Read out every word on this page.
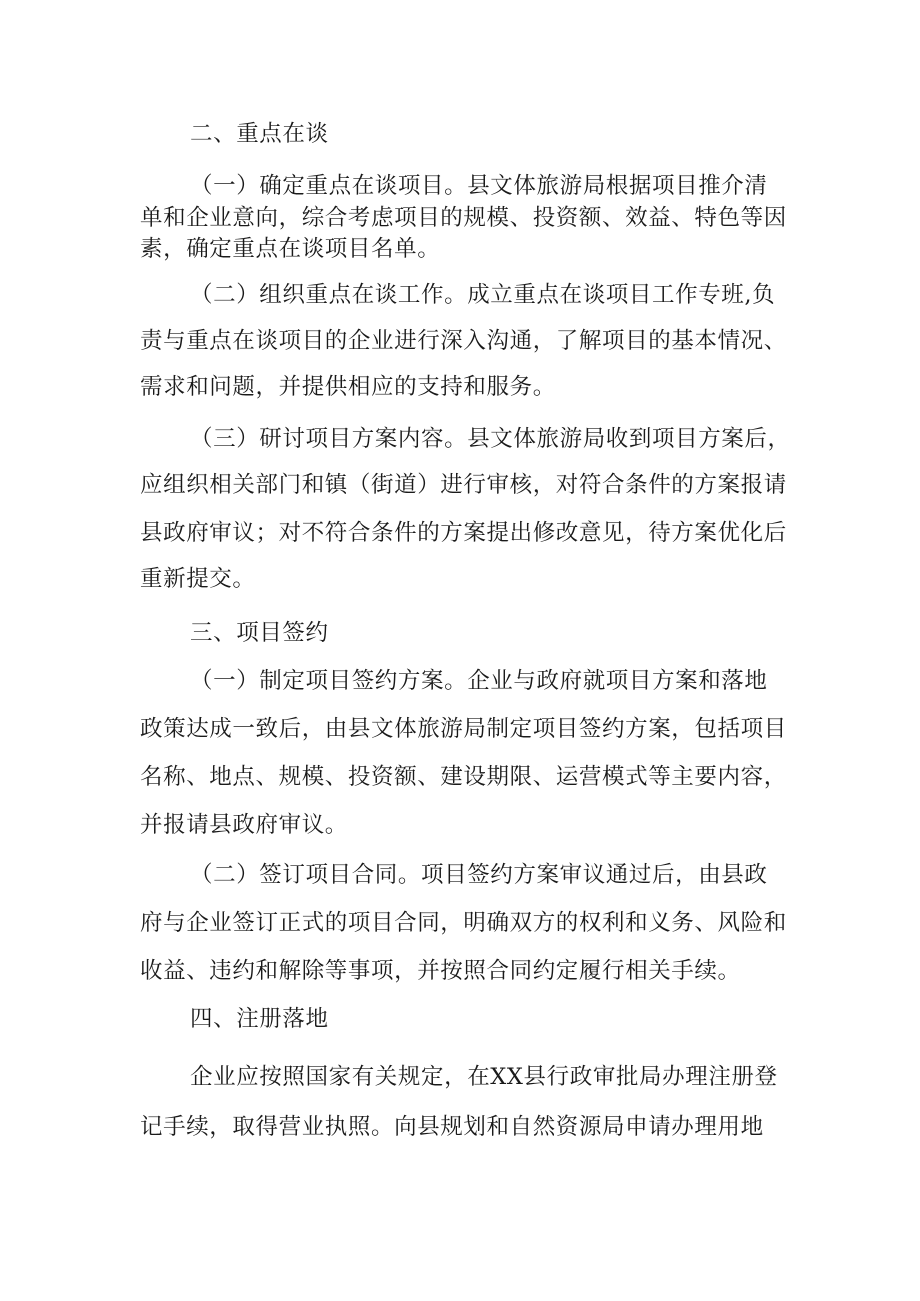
二、重点在谈
（一）确定重点在谈项目。县文体旅游局根据项目推介清
单和企业意向，综合考虑项目的规模、投资额、效益、特色等因
素，确定重点在谈项目名单。
（二）组织重点在谈工作。成立重点在谈项目工作专班,负
责与重点在谈项目的企业进行深入沟通，了解项目的基本情况、
需求和问题，并提供相应的支持和服务。
（三）研讨项目方案内容。县文体旅游局收到项目方案后，
应组织相关部门和镇（街道）进行审核，对符合条件的方案报请
县政府审议；对不符合条件的方案提出修改意见，待方案优化后
重新提交。
三、项目签约
（一）制定项目签约方案。企业与政府就项目方案和落地
政策达成一致后，由县文体旅游局制定项目签约方案，包括项目
名称、地点、规模、投资额、建设期限、运营模式等主要内容，
并报请县政府审议。
（二）签订项目合同。项目签约方案审议通过后，由县政
府与企业签订正式的项目合同，明确双方的权利和义务、风险和
收益、违约和解除等事项，并按照合同约定履行相关手续。
四、注册落地
企业应按照国家有关规定，在XX县行政审批局办理注册登
记手续，取得营业执照。向县规划和自然资源局申请办理用地
